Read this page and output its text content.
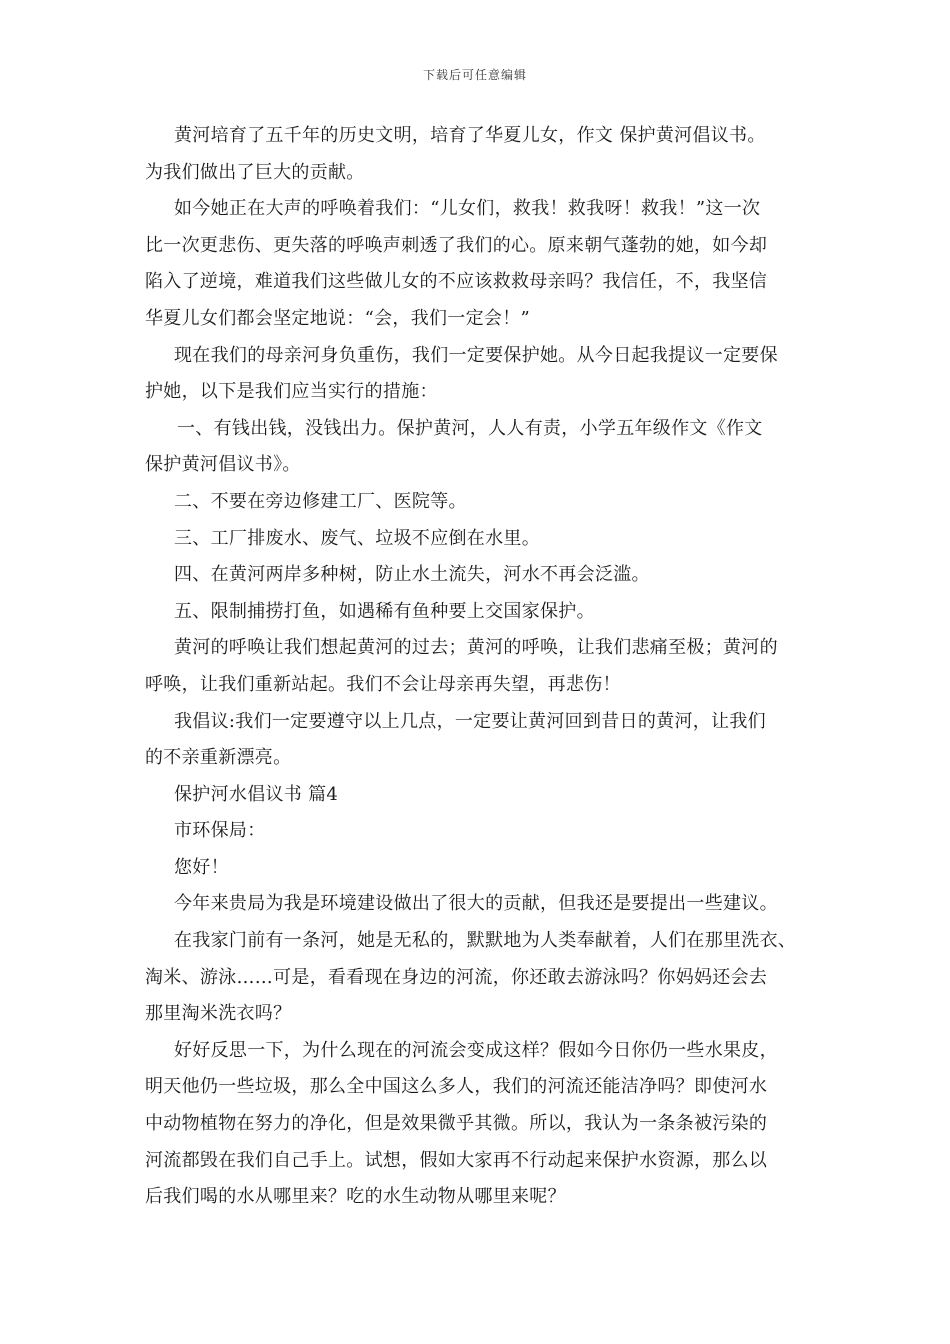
下载后可任意编辑

黄河培育了五千年的历史文明，培育了华夏儿女，作文 保护黄河倡议书。

为我们做出了巨大的贡献。

如今她正在大声的呼唤着我们：“儿女们，救我！救我呀！救我！”这一次

比一次更悲伤、更失落的呼唤声刺透了我们的心。原来朝气蓬勃的她，如今却

陷入了逆境，难道我们这些做儿女的不应该救救母亲吗？我信任，不，我坚信

华夏儿女们都会坚定地说：“会，我们一定会！”

现在我们的母亲河身负重伤，我们一定要保护她。从今日起我提议一定要保

护她，以下是我们应当实行的措施：

一、有钱出钱，没钱出力。保护黄河，人人有责，小学五年级作文《作文

保护黄河倡议书》。

二、不要在旁边修建工厂、医院等。

三、工厂排废水、废气、垃圾不应倒在水里。

四、在黄河两岸多种树，防止水土流失，河水不再会泛滥。

五、限制捕捞打鱼，如遇稀有鱼种要上交国家保护。

黄河的呼唤让我们想起黄河的过去；黄河的呼唤，让我们悲痛至极；黄河的

呼唤，让我们重新站起。我们不会让母亲再失望，再悲伤！

我倡议:我们一定要遵守以上几点，一定要让黄河回到昔日的黄河，让我们

的不亲重新漂亮。

保护河水倡议书 篇4

市环保局：

您好！

今年来贵局为我是环境建设做出了很大的贡献，但我还是要提出一些建议。

在我家门前有一条河，她是无私的，默默地为人类奉献着，人们在那里洗衣、

淘米、游泳……可是，看看现在身边的河流，你还敢去游泳吗？你妈妈还会去

那里淘米洗衣吗？

好好反思一下，为什么现在的河流会变成这样？假如今日你仍一些水果皮，

明天他仍一些垃圾，那么全中国这么多人，我们的河流还能洁净吗？即使河水

中动物植物在努力的净化，但是效果微乎其微。所以，我认为一条条被污染的

河流都毁在我们自己手上。试想，假如大家再不行动起来保护水资源，那么以

后我们喝的水从哪里来？吃的水生动物从哪里来呢？
